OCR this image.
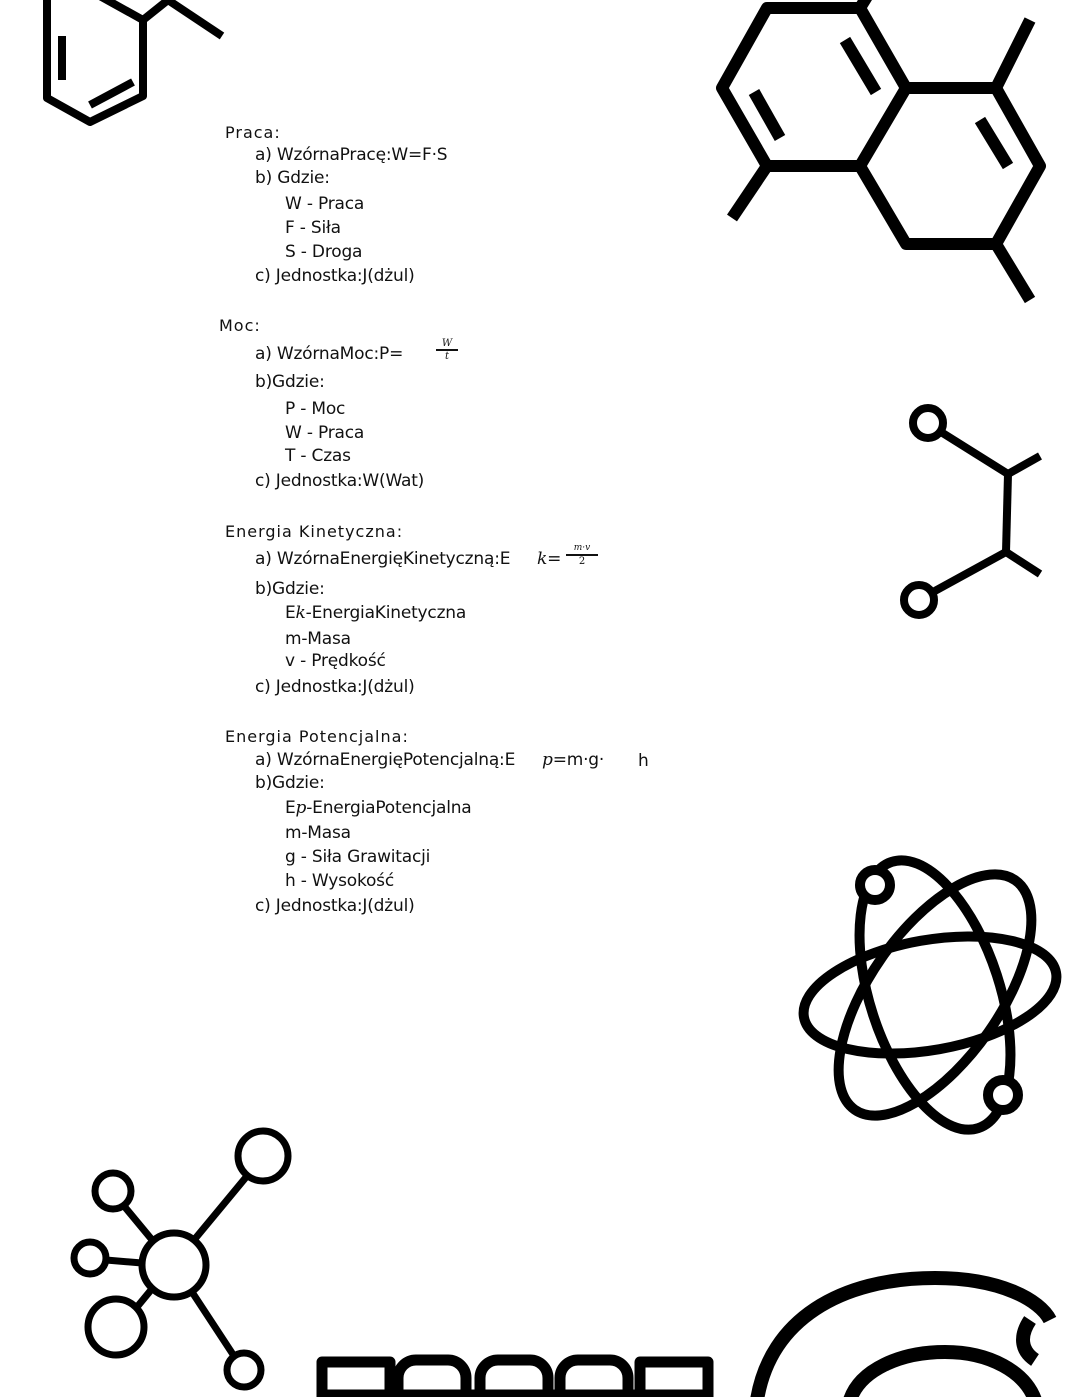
Praca:
a) WzórnaPracę:W=F·S
b) Gdzie:
W - Praca
F - Siła
S - Droga
c) Jednostka:J(dżul)
Moc:
a) WzórnaMoc:P=
W
t
b)Gdzie:
P - Moc
W - Praca
T - Czas
c) Jednostka:W(Wat)
Energia Kinetyczna:
a) WzórnaEnergięKinetyczną:E k=
m·v
2
b)Gdzie:
Ek-EnergiaKinetyczna
m-Masa
v - Prędkość
c) Jednostka:J(dżul)
Energia Potencjalna:
a) WzórnaEnergięPotencjalną:E p=m·g· h
b)Gdzie:
Ep-EnergiaPotencjalna
m-Masa
g - Siła Grawitacji
h - Wysokość
c) Jednostka:J(dżul)
